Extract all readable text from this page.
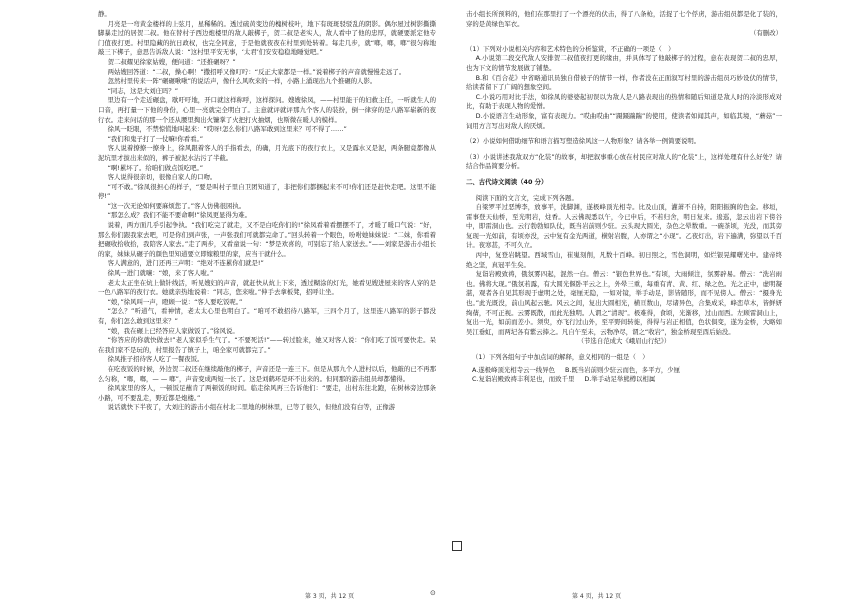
静。

月亮是一弯黄金楼样的上弦月，星稀稀的。透过硫黄变边的槐树枝叶，地下有斑斑驳驳乱的阴影。偶尔屋过树影撕撕脚暴走过的居贺二叔。他在替村子西边炮楼里的敌人敲梆子，贺二叔是老实人，敌人看中了他的忠厚，就硬要派定他专门值夜打更。村里隐藏的抗日政权，也完全同意，于是他就夜夜在村里到处转着。每走几步，就“啷，啷，啷”很匀称地敲三下梆子，意思告诉敌人说：“这村里平安无事，‘太君’们安安稳稳地睡觉吧。”

贺二叔耀见徐家姑嫂，便问道：“还推碾呀？”

两姑嫂回答道：“二叔，操心啊！”撒招呼又像叮咛：“反正大家都是一样。”说着梆子的声音就慢慢走远了。

忽然村里传来一阵“碾碾啾啾”的说话声，像什么风吹来的一样，小路上涌现出九个推碾的人影。

“同志，这是大刘庄吗？”

里边有一个走近碾盘，歇吁吁地，开口就这样称呼，这样探问。嫂嫂徐凤，——村里能干的妇救主任，一听就生人的口音，再打量一下他的身份，心里一亮就完全明白了。主意就评就评那九个客人的装扮，倒一律穿的是八路军崭新的夜行衣。走来问话的那一个还从腰里掏出火镰掌了火把打火抽烟，也斯微在暖人的模样。

徐风一眨眼，不禁惊慌地叫起来：“哎呀!怎么你们八路军敢到这里来？可不得了……”

“我们和鬼子打了一仗嘛!你看看。”

客人说着撩撩一撩身上，徐风跟着客人的手指看去，的确，月光底下的夜行衣上，又是露水又是泥，两条腿竟都像从泥坑里才拔出来似的，裤子被泥水沾污了半截。

“啊!累坏了。给咱们做点饭吃吧。”

客人说得很亲切，很像自家人的口吻。

“可不敢。”徐凤很担心的样子，“要是叫村子里自卫团知道了，非把你们都捆起来不可!你们还是赶快走吧。这里不能停!”

“这一次无论如何要麻烦您了。”客人仿佛很困执。

“那怎么成？我们不能不要命啊!”徐凤更显得为难。

说着，两方面几乎引起争执。“我们吃完了就走，又不是白吃你们的!”徐凤看着看摆摆不了，才暖了暖口气说：“好，那么你们跟我家去吧，可是你们到声张，一声张我们可就都完命了。”回头转着一个眼色，吩咐她妹妹说：“二妹，你看着把碾收拾收拾，我陪客人家去。”走了两步，又看童说一句：“梦是欢喜的，可别忘了给人家送去。”——刘家是游击小组长的家，妹妹从碾子的颜色里知道要立即嫁粮里的家，应当干就什么。

客人满意的，进门还再三声明：“绝对不连累你们就是!”

徐风一进门就嚷：“娘，来了客人啦。”

老太太正坐在炕上做针线活，听见嫂妇的声音，就赶快从炕上下来，透过糊涂的灯光，她看见嫂进屋来的客人穿的是一色八路军的夜行衣。她就亲热地说着：“同志，您来啦。”伸手去拿板凳，招呼让坐。

“娘，”徐风叫一声，瞪顾一说：“客人要吃饭呢。”

“怎么？”听道气，看神情，老太太心里也明白了。“咱可不敢招待八路军，三四个月了，这里连八路军的影子都没有，你们怎么敢到这里来？”

“娘，我在碾上已经答应人家做饭了。”徐风说。

“你答应的你就快做去!”老人家似乎生气了。“不要死活!”——转过脸来，她又对客人说：“你们吃了饭可要快走。呆在我们家不是玩的，村里报告了镇子上，咱全家可就都完了。”

徐凤推子招待客人吃了一餐夜饭。

在吃夜饭的时候，外边贺二叔还在继续敲他的梆子，声音还是一连三下。但是从那九个人进村以后，他敲的已不再那么匀称，“啷，啷，— — 啷”，声音变成两短一长了。这是刘鹤环是环不出来的。但同那的游击组员却都懂得。

徐风家里的客人，一顿饭足蘸肯了两顿饭的时间。临走徐风再三告诉他们：“要走，出村东往北跑，在树林旁边那条小路，可不要乱走，野近都是炮楼。”

说话就快下半夜了，大刘庄的游击小组在村北二里地的树林里，已等了很久，但他们没有白等，正像游

击小组长所预料的，他们在那里打了一个漂亮的伏击，得了八条枪，活捉了七个俘虏，游击组员都是化了装的，穿的是黄绿色军衣。

（有删改）

（1）下列对小说相关内容和艺术特色的分析鉴赏，不正确的一项是（　）

A.小说第二段交代敌人安排贺二叔值夜打更的缘由，并具体写了他敲梆子的过程，意在表现贺二叔的忠厚，也为下文的情节发展做了铺垫。

B.和《百合花》中省略通讯员独自借被子的情节一样，作者没在正面叙写村里的游击组员巧妙设伏的情节，给读者留下了广阔的想象空间。

C.小说巧用对比手法，如徐凤的婆婆起初误以为敌人是八路表现出的热情和随后知道是敌人时的冷淡形成对比，有助于表现人物的爱憎。

D.小说语言生动形象，富有表现力。“哎曲哎曲”“蹑蹑踹踹”的使用，使读者如闻其声，如临其境，“蘑菇”一词用方言写出对敌人的厌烦。

（2）小说如何借助细节和语言描写塑造徐风这一人物形象？请各举一例简要说明。

（3）小说讲述我敌双方“化装”的故事，却把叙事重心放在村民应对敌人的“化装”上，这样处理有什么好处？请结合作品简要分析。

二、古代诗文阅读（40 分）

阅读下面的文言文，完成下列各题。

自梁罗平过恶博李，放事平，洗脚渊，遂极峰顶光相寺。比及山顶，灌萧不自持，阳阳振胸的色金。移垣，雷事登天仙桥，至光明岩，炷香。人云佛现悉以午，今已申后，不若归舍，明日复来。逡巡，忽云出岩下傍谷中，即雷洞山也。云行勃勃如队仗，既当岩前则少驻。云头现大圆光，杂色之晕数重。一碗茶顷，光没，而其旁复现一光如前，有顷亦没，云中复有金光两道，横射岩腹，人亦谓之“小现”。乙夜灯出，岩下遍满，弥望以千百计。夜寒甚，不可久立。

丙中，复登岩眺望。西域雪山，崔嵬刻削，凡数十百峰。初日照之，雪色洞明，如烂银晃耀曙光中。建帝终绝之坚，真冠平生矣。

复诣岩殿致祷，俄氛雾四起，混然一白。僧云：“银色世界也。”有顷，大雨倾注，氛雾辟易。僧云：“洗岩雨也。佛将大现。”俄氛若露，有大圆光偃卧平云之上，外晕三重，每重有青、黄、红、绿之色。光之正中，虚明凝湛，观者各自见其形现于虚明之处，毫厘无隐，一如对镜，举手动足，影皆随形，而不见傍人。僧云：“摄身光也。”此光既没，前山风起云驰。风云之间，复出大圆相光，横亘数山，尽诸异色，合集成采，峰峦草木，皆鲜妍绚蒨，不可正视。云雾既散，而此光独明。人谓之“清现”。极难得，食顷，光渐移，过山而西。左顾雷洞山上，复出一光，如前而差小。须臾，亦飞行过山外，至平野间转徙，得得与岩正相值，色状俱变，遂为金桥，大略如吴江垂虹，而两圮各有紫云捧之。凡自午至未，云物净尽，谓之“收岩”，独金桥现至酉后始没。

（节选自范成大《峨眉山行纪》）

（1）下列各组句子中加点词的解释，意义相同的一组是（　）

A.遂极峰顶光相寺云一线异色 B.既当岩前则少驻云而色，多平方，少厘
C.复诣岩殿致祷丰利足也，而致千里 D.举手动足举熊樽以相属
第 3 页，共 12 页	⊙	第 4 页，共 12 页
